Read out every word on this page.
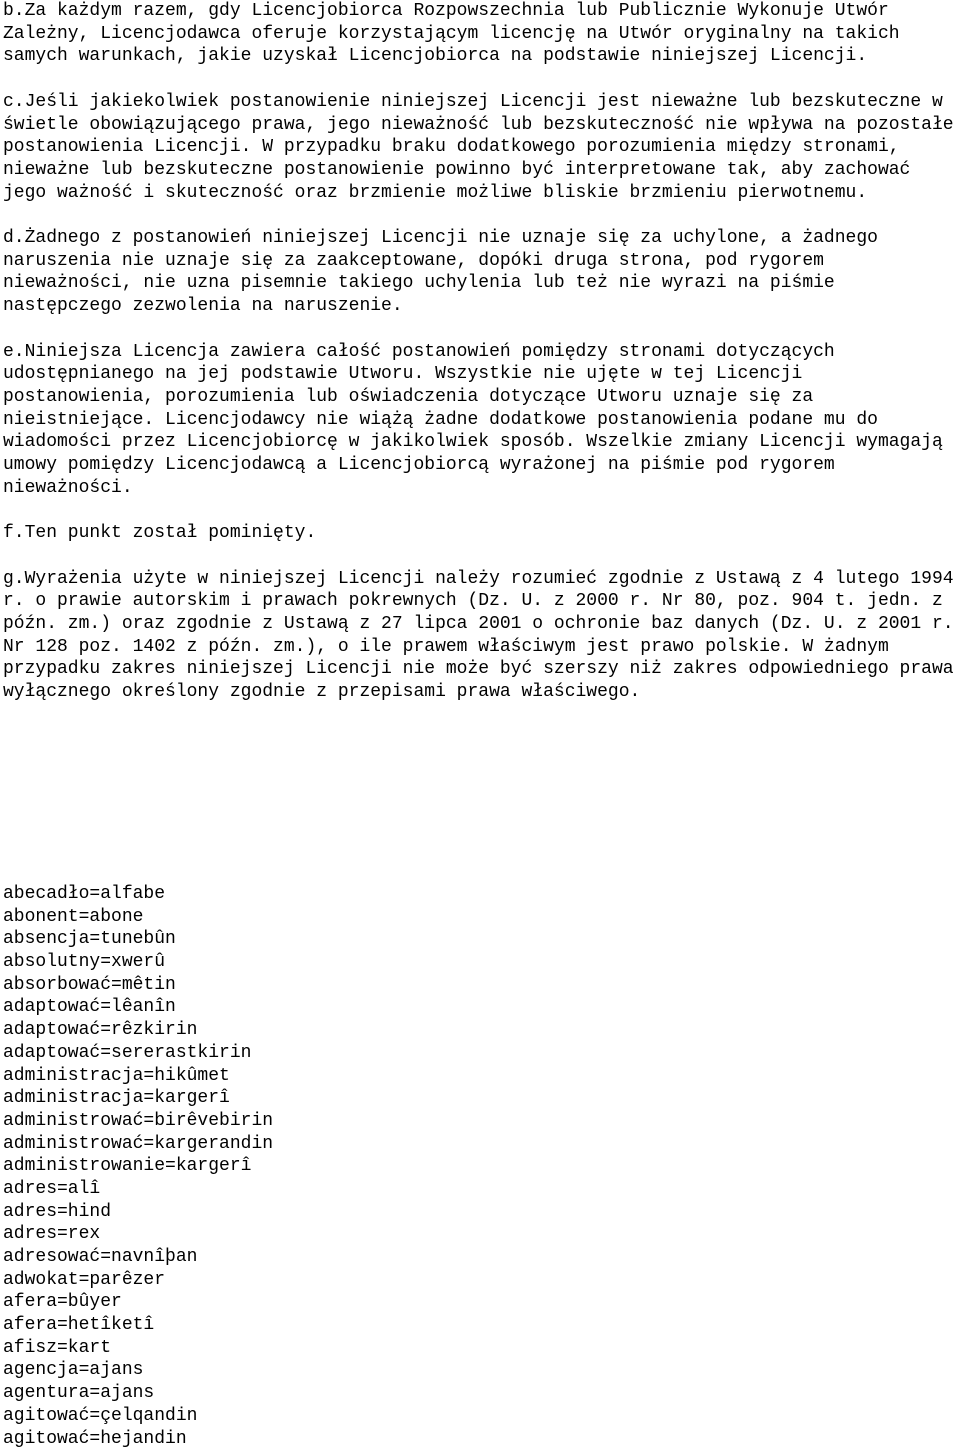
b.Za każdym razem, gdy Licencjobiorca Rozpowszechnia lub Publicznie Wykonuje Utwór Zależny, Licencjodawca oferuje korzystającym licencję na Utwór oryginalny na takich samych warunkach, jakie uzyskał Licencjobiorca na podstawie niniejszej Licencji.

c.Jeśli jakiekolwiek postanowienie niniejszej Licencji jest nieważne lub bezskuteczne w świetle obowiązującego prawa, jego nieważność lub bezskuteczność nie wpływa na pozostałe postanowienia Licencji. W przypadku braku dodatkowego porozumienia między stronami, nieważne lub bezskuteczne postanowienie powinno być interpretowane tak, aby zachować jego ważność i skuteczność oraz brzmienie możliwe bliskie brzmieniu pierwotnemu.

d.Żadnego z postanowień niniejszej Licencji nie uznaje się za uchylone, a żadnego naruszenia nie uznaje się za zaakceptowane, dopóki druga strona, pod rygorem nieważności, nie uzna pisemnie takiego uchylenia lub też nie wyrazi na piśmie następczego zezwolenia na naruszenie.

e.Niniejsza Licencja zawiera całość postanowień pomiędzy stronami dotyczących udostępnianego na jej podstawie Utworu. Wszystkie nie ujęte w tej Licencji postanowienia, porozumienia lub oświadczenia dotyczące Utworu uznaje się za nieistniejące. Licencjodawcy nie wiążą żadne dodatkowe postanowienia podane mu do wiadomości przez Licencjobiorcę w jakikolwiek sposób. Wszelkie zmiany Licencji wymagają umowy pomiędzy Licencjodawcą a Licencjobiorcą wyrażonej na piśmie pod rygorem nieważności.

f.Ten punkt został pominięty.

g.Wyrażenia użyte w niniejszej Licencji należy rozumieć zgodnie z Ustawą z 4 lutego 1994 r. o prawie autorskim i prawach pokrewnych (Dz. U. z 2000 r. Nr 80, poz. 904 t. jedn. z późn. zm.) oraz zgodnie z Ustawą z 27 lipca 2001 o ochronie baz danych (Dz. U. z 2001 r. Nr 128 poz. 1402 z późn. zm.), o ile prawem właściwym jest prawo polskie. W żadnym przypadku zakres niniejszej Licencji nie może być szerszy niż zakres odpowiedniego prawa wyłącznego określony zgodnie z przepisami prawa właściwego.

abecadło=alfabe
abonent=abone
absencja=tunebûn
absolutny=xwerû
absorbować=mêtin
adaptować=lêanîn
adaptować=rêzkirin
adaptować=sererastkirin
administracja=hikûmet
administracja=kargerî
administrować=birêvebirin
administrować=kargerandin
administrowanie=kargerî
adres=alî
adres=hind
adres=rex
adresować=navnîþan
adwokat=parêzer
afera=bûyer
afera=hetîketî
afisz=kart
agencja=ajans
agentura=ajans
agitować=çelqandin
agitować=hejandin
